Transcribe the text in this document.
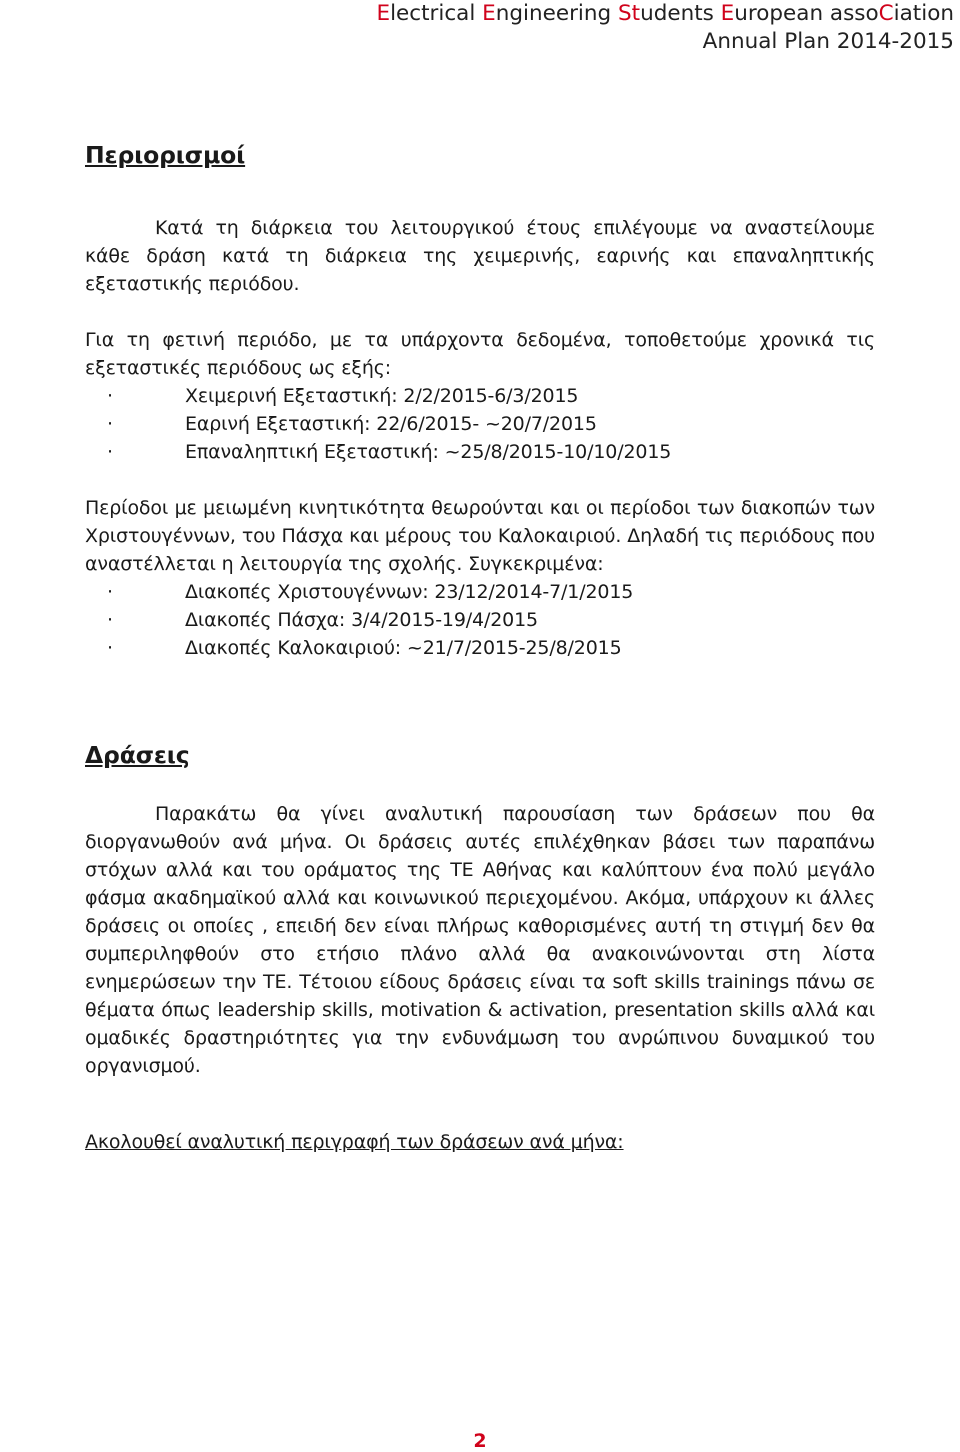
Electrical Engineering Students European assoCiation
Annual Plan 2014-2015

Περιορισμοί

Κατά τη διάρκεια του λειτουργικού έτους επιλέγουμε να αναστείλουμε κάθε δράση κατά τη διάρκεια της χειμερινής, εαρινής και επαναληπτικής εξεταστικής περιόδου.

Για τη φετινή περιόδο, με τα υπάρχοντα δεδομένα, τοποθετούμε χρονικά τις εξεταστικές περιόδους ως εξής:

·	Χειμερινή Εξεταστική: 2/2/2015-6/3/2015
·	Εαρινή Εξεταστική: 22/6/2015- ~20/7/2015
·	Επαναληπτική Εξεταστική: ~25/8/2015-10/10/2015

Περίοδοι με μειωμένη κινητικότητα θεωρούνται και οι περίοδοι των διακοπών των Χριστουγέννων, του Πάσχα και μέρους του Καλοκαιριού. Δηλαδή τις περιόδους που αναστέλλεται η λειτουργία της σχολής. Συγκεκριμένα:

·	Διακοπές Χριστουγέννων: 23/12/2014-7/1/2015
·	Διακοπές Πάσχα: 3/4/2015-19/4/2015
·	Διακοπές Καλοκαιριού: ~21/7/2015-25/8/2015

Δράσεις

Παρακάτω θα γίνει αναλυτική παρουσίαση των δράσεων που θα διοργανωθούν ανά μήνα. Οι δράσεις αυτές επιλέχθηκαν βάσει των παραπάνω στόχων αλλά και του οράματος της ΤΕ Αθήνας και καλύπτουν ένα πολύ μεγάλο φάσμα ακαδημαϊκού αλλά και κοινωνικού περιεχομένου. Ακόμα, υπάρχουν κι άλλες δράσεις οι οποίες , επειδή δεν είναι πλήρως καθορισμένες αυτή τη στιγμή δεν θα συμπεριληφθούν στο ετήσιο πλάνο αλλά θα ανακοινώνονται στη λίστα ενημερώσεων την ΤΕ. Τέτοιου είδους δράσεις είναι τα soft skills trainings πάνω σε θέματα όπως leadership skills, motivation & activation, presentation skills αλλά και ομαδικές δραστηριότητες για την ενδυνάμωση του ανρώπινου δυναμικού του οργανισμού.

Ακολουθεί αναλυτική περιγραφή των δράσεων ανά μήνα:

2
